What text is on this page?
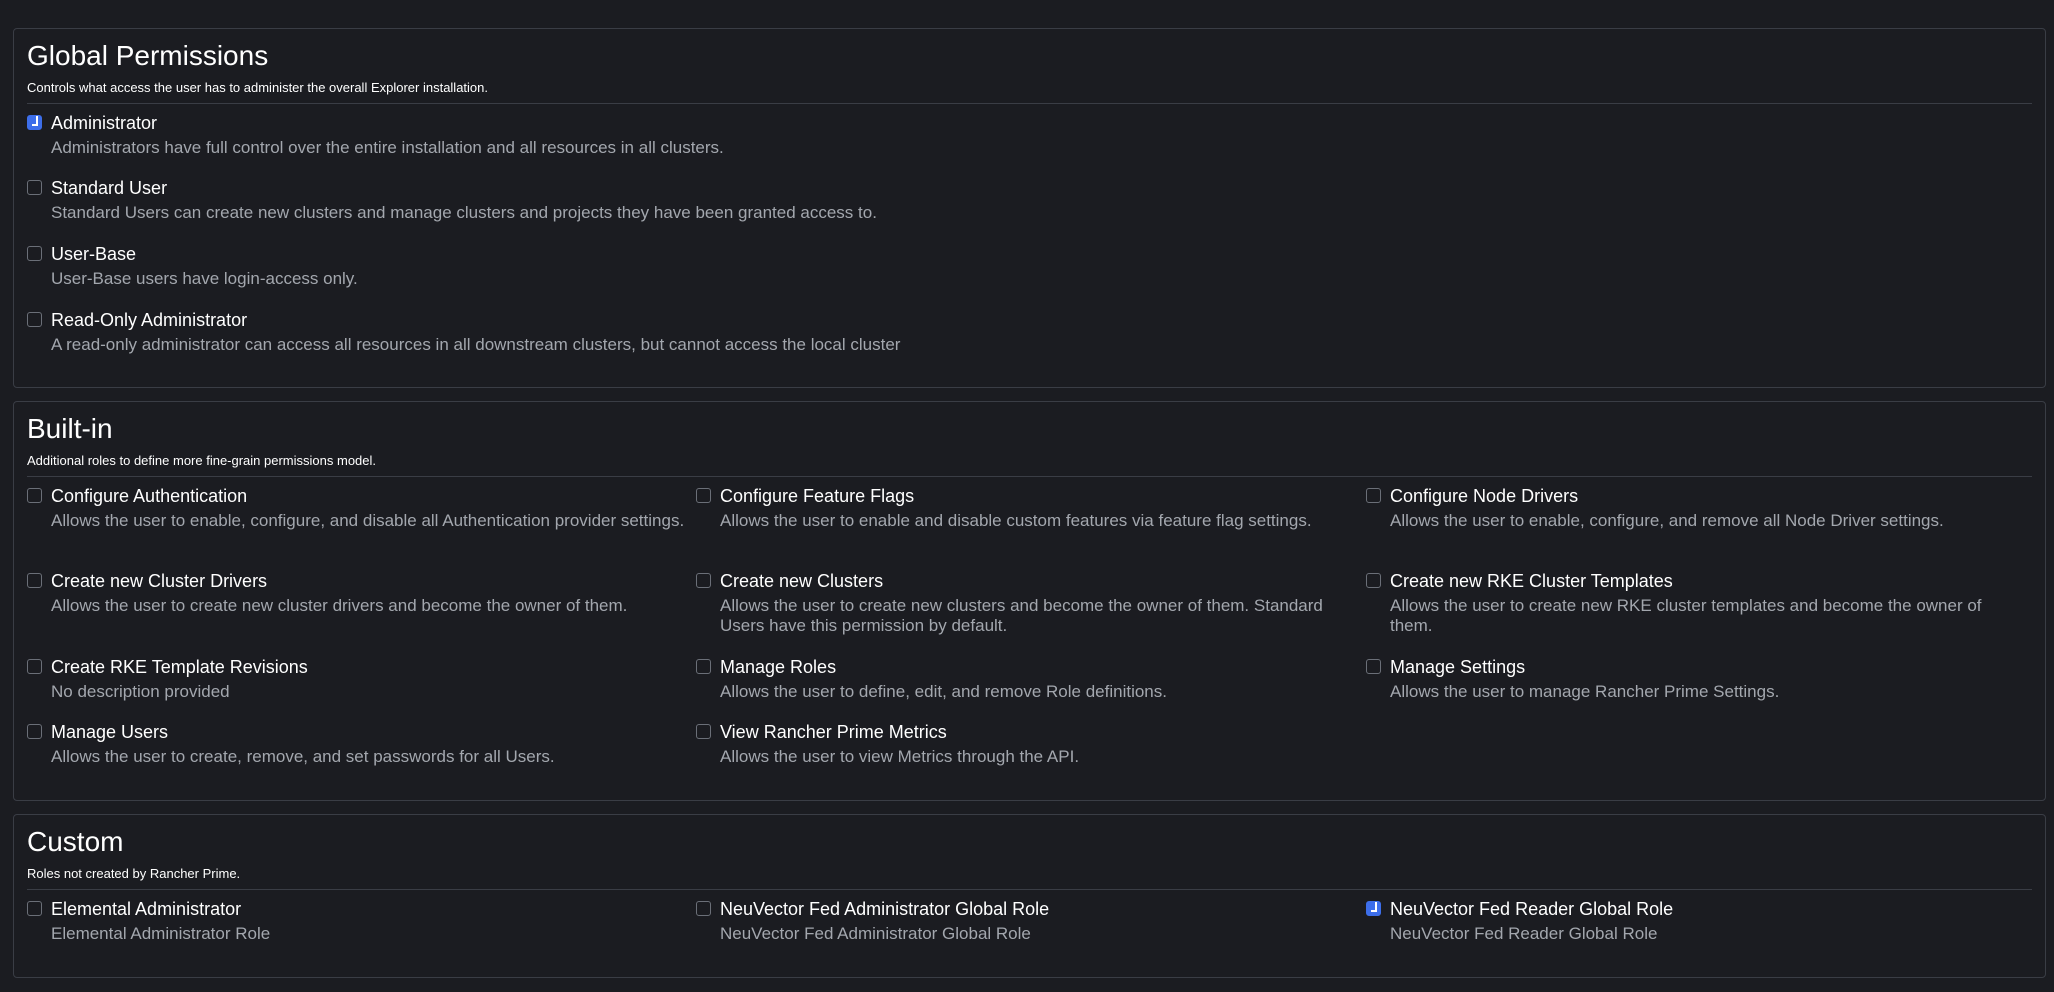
Global Permissions
Controls what access the user has to administer the overall Explorer installation.
Administrator
Administrators have full control over the entire installation and all resources in all clusters.
Standard User
Standard Users can create new clusters and manage clusters and projects they have been granted access to.
User-Base
User-Base users have login-access only.
Read-Only Administrator
A read-only administrator can access all resources in all downstream clusters, but cannot access the local cluster
Built-in
Additional roles to define more fine-grain permissions model.
Configure Authentication
Allows the user to enable, configure, and disable all Authentication provider settings.
Configure Feature Flags
Allows the user to enable and disable custom features via feature flag settings.
Configure Node Drivers
Allows the user to enable, configure, and remove all Node Driver settings.
Create new Cluster Drivers
Allows the user to create new cluster drivers and become the owner of them.
Create new Clusters
Allows the user to create new clusters and become the owner of them. Standard Users have this permission by default.
Create new RKE Cluster Templates
Allows the user to create new RKE cluster templates and become the owner of them.
Create RKE Template Revisions
No description provided
Manage Roles
Allows the user to define, edit, and remove Role definitions.
Manage Settings
Allows the user to manage Rancher Prime Settings.
Manage Users
Allows the user to create, remove, and set passwords for all Users.
View Rancher Prime Metrics
Allows the user to view Metrics through the API.
Custom
Roles not created by Rancher Prime.
Elemental Administrator
Elemental Administrator Role
NeuVector Fed Administrator Global Role
NeuVector Fed Administrator Global Role
NeuVector Fed Reader Global Role
NeuVector Fed Reader Global Role
